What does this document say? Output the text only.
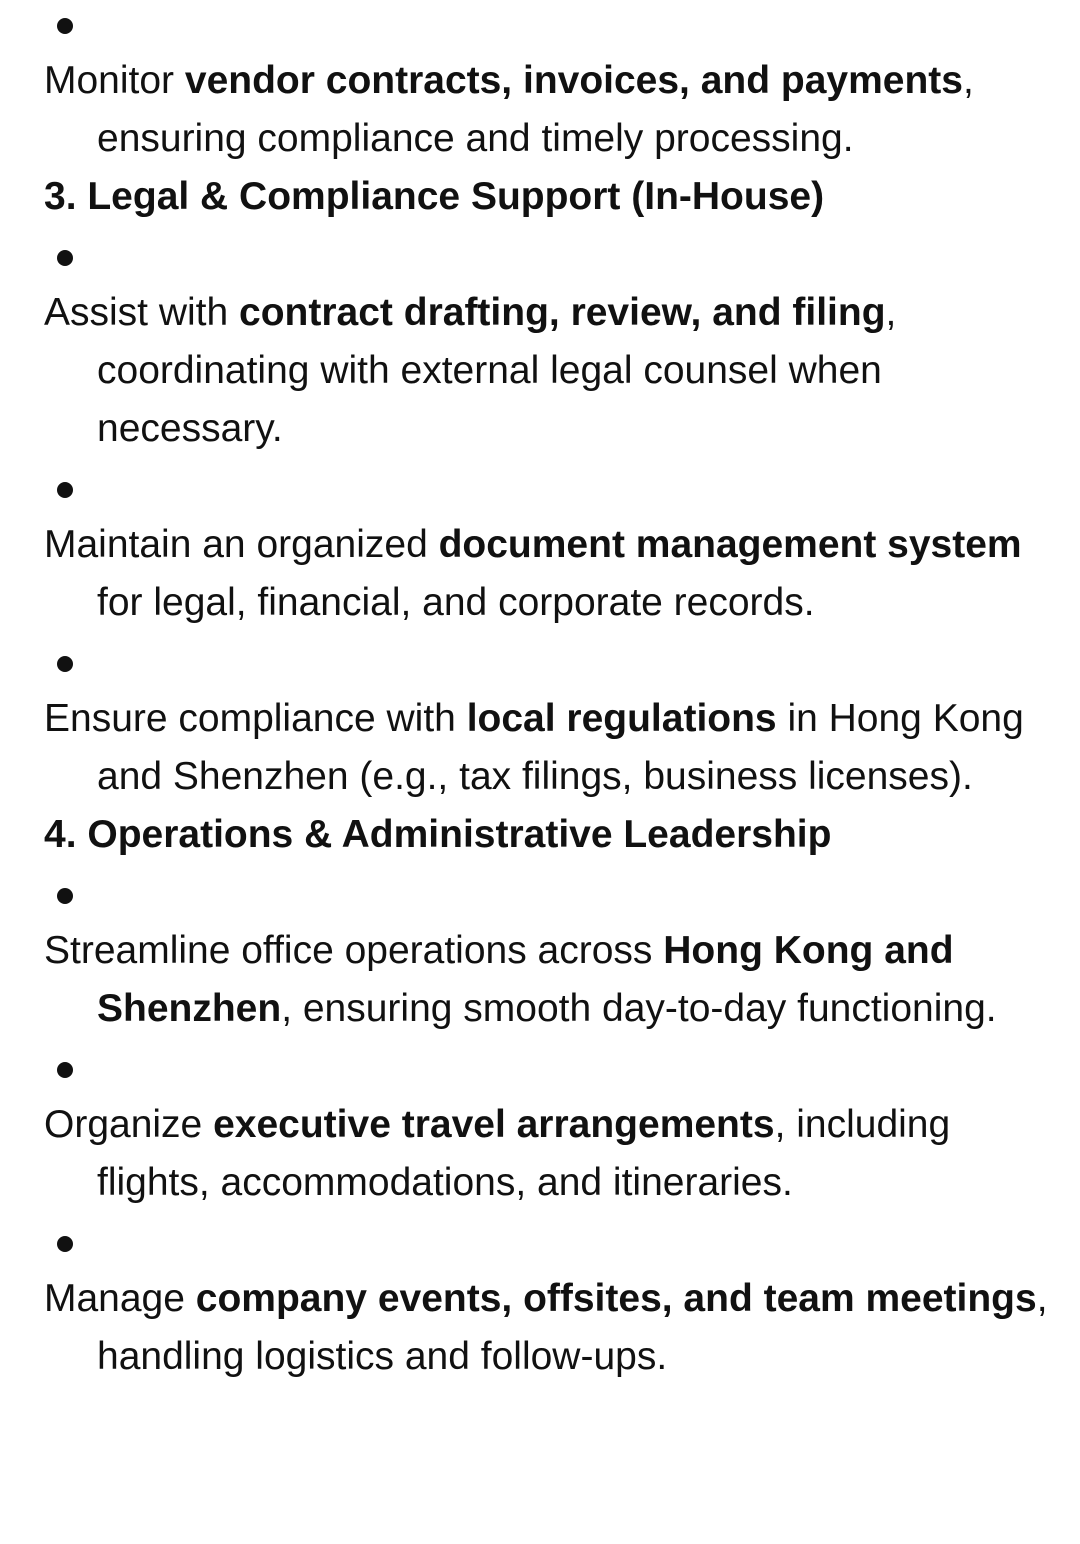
Monitor vendor contracts, invoices, and payments, ensuring compliance and timely processing.

3. Legal & Compliance Support (In-House)

Assist with contract drafting, review, and filing, coordinating with external legal counsel when necessary.

Maintain an organized document management system for legal, financial, and corporate records.

Ensure compliance with local regulations in Hong Kong and Shenzhen (e.g., tax filings, business licenses).

4. Operations & Administrative Leadership

Streamline office operations across Hong Kong and Shenzhen, ensuring smooth day-to-day functioning.

Organize executive travel arrangements, including flights, accommodations, and itineraries.

Manage company events, offsites, and team meetings, handling logistics and follow-ups.
